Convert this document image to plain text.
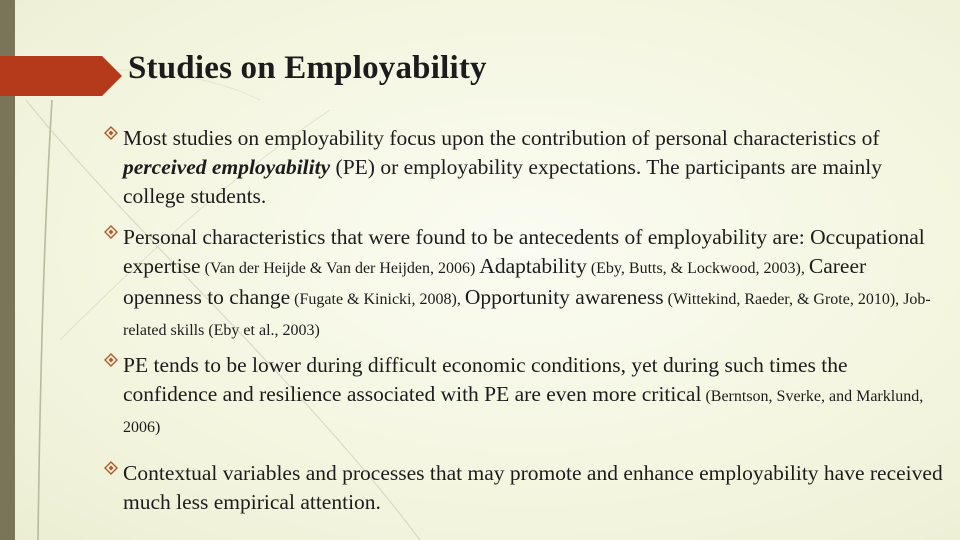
Studies on Employability
Most studies on employability focus upon the contribution of personal characteristics of perceived employability (PE) or employability expectations. The participants are mainly college students.
Personal characteristics that were found to be antecedents of employability are: Occupational expertise (Van der Heijde & Van der Heijden, 2006) Adaptability (Eby, Butts, & Lockwood, 2003), Career openness to change (Fugate & Kinicki, 2008), Opportunity awareness (Wittekind, Raeder, & Grote, 2010), Job-related skills (Eby et al., 2003)
PE tends to be lower during difficult economic conditions, yet during such times the confidence and resilience associated with PE are even more critical (Berntson, Sverke, and Marklund, 2006)
Contextual variables and processes that may promote and enhance employability have received much less empirical attention.
